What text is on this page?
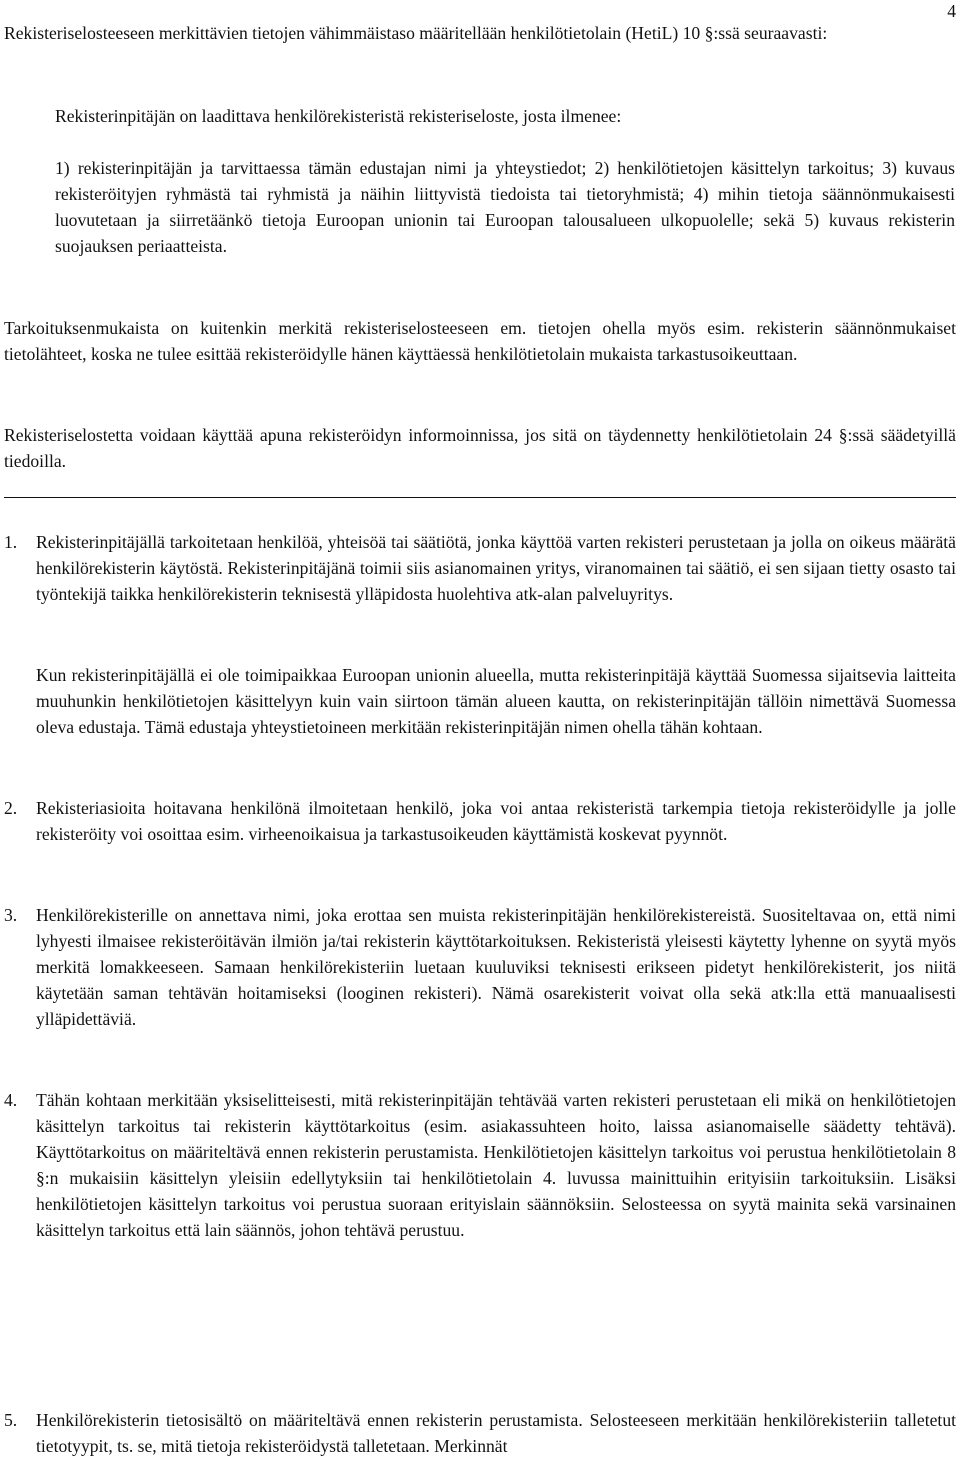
4

Rekisteriselosteeseen merkittävien tietojen vähimmäistaso määritellään henkilötietolain (HetiL) 10 §:ssä seuraavasti:

Rekisterinpitäjän on laadittava henkilörekisteristä rekisteriseloste, josta ilmenee:

1) rekisterinpitäjän ja tarvittaessa tämän edustajan nimi ja yhteystiedot; 2) henkilötietojen käsittelyn tarkoitus; 3) kuvaus rekisteröityjen ryhmästä tai ryhmistä ja näihin liittyvistä tiedoista tai tietoryhmistä; 4) mihin tietoja säännönmukaisesti luovutetaan ja siirretäänkö tietoja Euroopan unionin tai Euroopan talousalueen ulkopuolelle; sekä 5) kuvaus rekisterin suojauksen periaatteista.

Tarkoituksenmukaista on kuitenkin merkitä rekisteriselosteeseen em. tietojen ohella myös esim. rekisterin säännönmukaiset tietolähteet, koska ne tulee esittää rekisteröidylle hänen käyttäessä henkilötietolain mukaista tarkastusoikeuttaan.

Rekisteriselostetta voidaan käyttää apuna rekisteröidyn informoinnissa, jos sitä on täydennetty henkilötietolain 24 §:ssä säädetyillä tiedoilla.

1. Rekisterinpitäjällä tarkoitetaan henkilöä, yhteisöä tai säätiötä, jonka käyttöä varten rekisteri perustetaan ja jolla on oikeus määrätä henkilörekisterin käytöstä. Rekisterinpitäjänä toimii siis asianomainen yritys, viranomainen tai säätiö, ei sen sijaan tietty osasto tai työntekijä taikka henkilörekisterin teknisestä ylläpidosta huolehtiva atk-alan palveluyritys.

Kun rekisterinpitäjällä ei ole toimipaikkaa Euroopan unionin alueella, mutta rekisterinpitäjä käyttää Suomessa sijaitsevia laitteita muuhunkin henkilötietojen käsittelyyn kuin vain siirtoon tämän alueen kautta, on rekisterinpitäjän tällöin nimettävä Suomessa oleva edustaja. Tämä edustaja yhteystietoineen merkitään rekisterinpitäjän nimen ohella tähän kohtaan.

2. Rekisteriasioita hoitavana henkilönä ilmoitetaan henkilö, joka voi antaa rekisteristä tarkempia tietoja rekisteröidylle ja jolle rekisteröity voi osoittaa esim. virheenoikaisua ja tarkastusoikeuden käyttämistä koskevat pyynnöt.

3. Henkilörekisterille on annettava nimi, joka erottaa sen muista rekisterinpitäjän henkilörekistereistä. Suositeltavaa on, että nimi lyhyesti ilmaisee rekisteröitävän ilmiön ja/tai rekisterin käyttötarkoituksen. Rekisteristä yleisesti käytetty lyhenne on syytä myös merkitä lomakkeeseen. Samaan henkilörekisteriin luetaan kuuluviksi teknisesti erikseen pidetyt henkilörekisterit, jos niitä käytetään saman tehtävän hoitamiseksi (looginen rekisteri). Nämä osarekisterit voivat olla sekä atk:lla että manuaalisesti ylläpidettäviä.

4. Tähän kohtaan merkitään yksiselitteisesti, mitä rekisterinpitäjän tehtävää varten rekisteri perustetaan eli mikä on henkilötietojen käsittelyn tarkoitus tai rekisterin käyttötarkoitus (esim. asiakassuhteen hoito, laissa asianomaiselle säädetty tehtävä). Käyttötarkoitus on määriteltävä ennen rekisterin perustamista. Henkilötietojen käsittelyn tarkoitus voi perustua henkilötietolain 8 §:n mukaisiin käsittelyn yleisiin edellytyksiin tai henkilötietolain 4. luvussa mainittuihin erityisiin tarkoituksiin. Lisäksi henkilötietojen käsittelyn tarkoitus voi perustua suoraan erityislain säännöksiin. Selosteessa on syytä mainita sekä varsinainen käsittelyn tarkoitus että lain säännös, johon tehtävä perustuu.

5. Henkilörekisterin tietosisältö on määriteltävä ennen rekisterin perustamista. Selosteeseen merkitään henkilörekisteriin talletetut tietotyypit, ts. se, mitä tietoja rekisteröidystä talletetaan. Merkinnät
